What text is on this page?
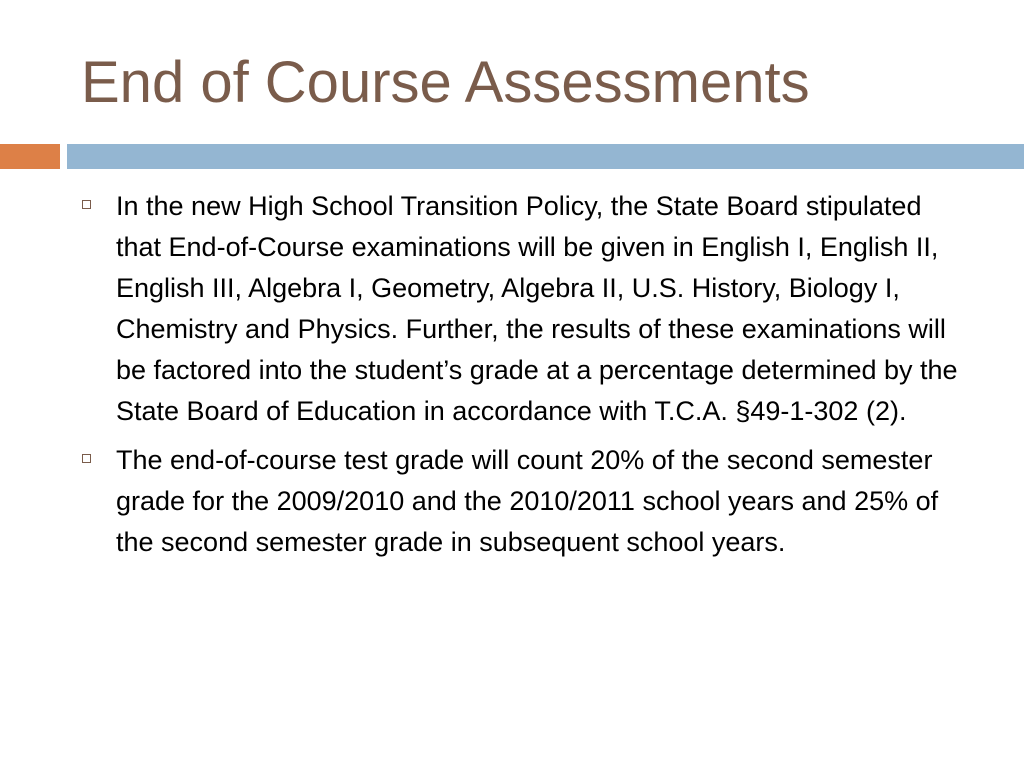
End of Course Assessments
In the new High School Transition Policy, the State Board stipulated that End-of-Course examinations will be given in English I, English II, English III, Algebra I, Geometry, Algebra II, U.S. History, Biology I, Chemistry and Physics. Further, the results of these examinations will be factored into the student’s grade at a percentage determined by the State Board of Education in accordance with T.C.A. §49-1-302 (2).
The end-of-course test grade will count 20% of the second semester grade for the 2009/2010 and the 2010/2011 school years and 25% of the second semester grade in subsequent school years.
